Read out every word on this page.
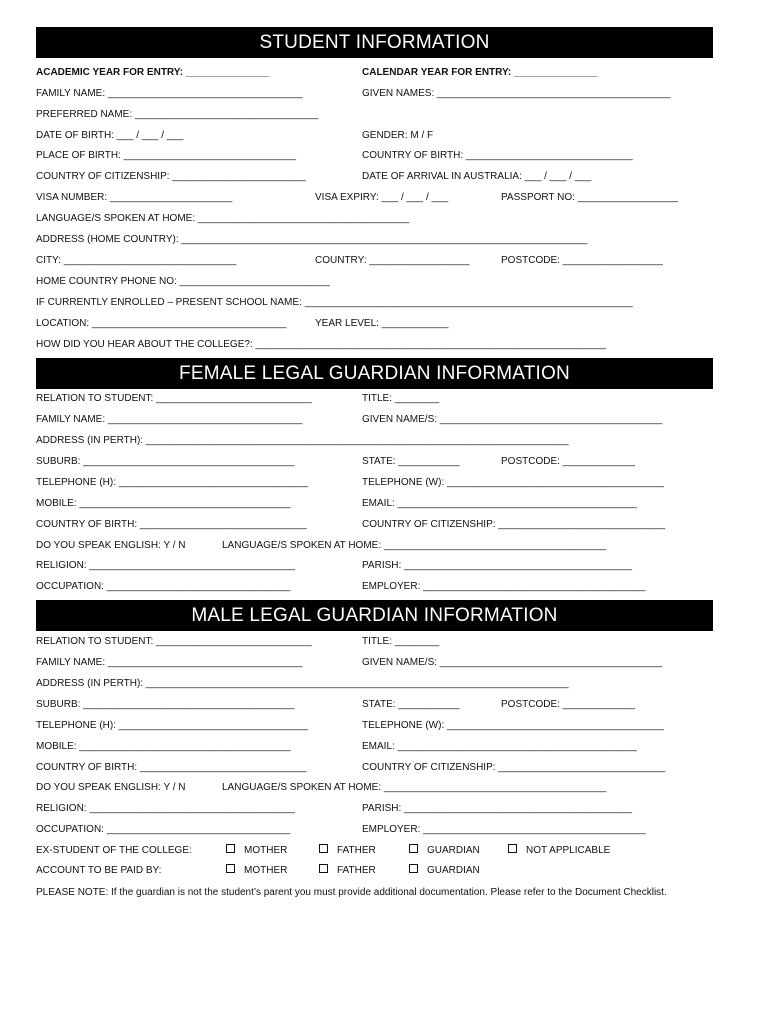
STUDENT INFORMATION
ACADEMIC YEAR FOR ENTRY: _______________	CALENDAR YEAR FOR ENTRY: _______________
FAMILY NAME: ___________________________________	GIVEN NAMES: __________________________________________
PREFERRED NAME: _________________________________
DATE OF BIRTH: ___ / ___ / ___	GENDER: M / F
PLACE OF BIRTH: _______________________________	COUNTRY OF BIRTH: ______________________________
COUNTRY OF CITIZENSHIP: ________________________	DATE OF ARRIVAL IN AUSTRALIA: ___ / ___ / ___
VISA NUMBER: ______________________	VISA EXPIRY: ___ / ___ / ___	PASSPORT NO: __________________
LANGUAGE/S SPOKEN AT HOME: ______________________________________
ADDRESS (HOME COUNTRY): _________________________________________________________________________
CITY: _______________________________	COUNTRY: __________________	POSTCODE: __________________
HOME COUNTRY PHONE NO: ___________________________
IF CURRENTLY ENROLLED – PRESENT SCHOOL NAME: ___________________________________________________________
LOCATION: ___________________________________	YEAR LEVEL: ____________
HOW DID YOU HEAR ABOUT THE COLLEGE?: _______________________________________________________________
FEMALE LEGAL GUARDIAN INFORMATION
RELATION TO STUDENT: ____________________________	TITLE: ________
FAMILY NAME: ___________________________________	GIVEN NAME/S: ________________________________________
ADDRESS (IN PERTH): ____________________________________________________________________________
SUBURB: ______________________________________	STATE: ___________	POSTCODE: _____________
TELEPHONE (H): __________________________________	TELEPHONE (W): _______________________________________
MOBILE: ______________________________________	EMAIL: ___________________________________________
COUNTRY OF BIRTH: ______________________________	COUNTRY OF CITIZENSHIP: ______________________________
DO YOU SPEAK ENGLISH: Y / N	LANGUAGE/S SPOKEN AT HOME: ________________________________________
RELIGION: _____________________________________	PARISH: _________________________________________
OCCUPATION: _________________________________	EMPLOYER: ________________________________________
MALE LEGAL GUARDIAN INFORMATION
RELATION TO STUDENT: ____________________________	TITLE: ________
FAMILY NAME: ___________________________________	GIVEN NAME/S: ________________________________________
ADDRESS (IN PERTH): ____________________________________________________________________________
SUBURB: ______________________________________	STATE: ___________	POSTCODE: _____________
TELEPHONE (H): __________________________________	TELEPHONE (W): _______________________________________
MOBILE: ______________________________________	EMAIL: ___________________________________________
COUNTRY OF BIRTH: ______________________________	COUNTRY OF CITIZENSHIP: ______________________________
DO YOU SPEAK ENGLISH: Y / N	LANGUAGE/S SPOKEN AT HOME: ________________________________________
RELIGION: _____________________________________	PARISH: _________________________________________
OCCUPATION: _________________________________	EMPLOYER: ________________________________________
EX-STUDENT OF THE COLLEGE:	MOTHER	FATHER	GUARDIAN	NOT APPLICABLE
ACCOUNT TO BE PAID BY:	MOTHER	FATHER	GUARDIAN
PLEASE NOTE: If the guardian is not the student’s parent you must provide additional documentation. Please refer to the Document Checklist.
